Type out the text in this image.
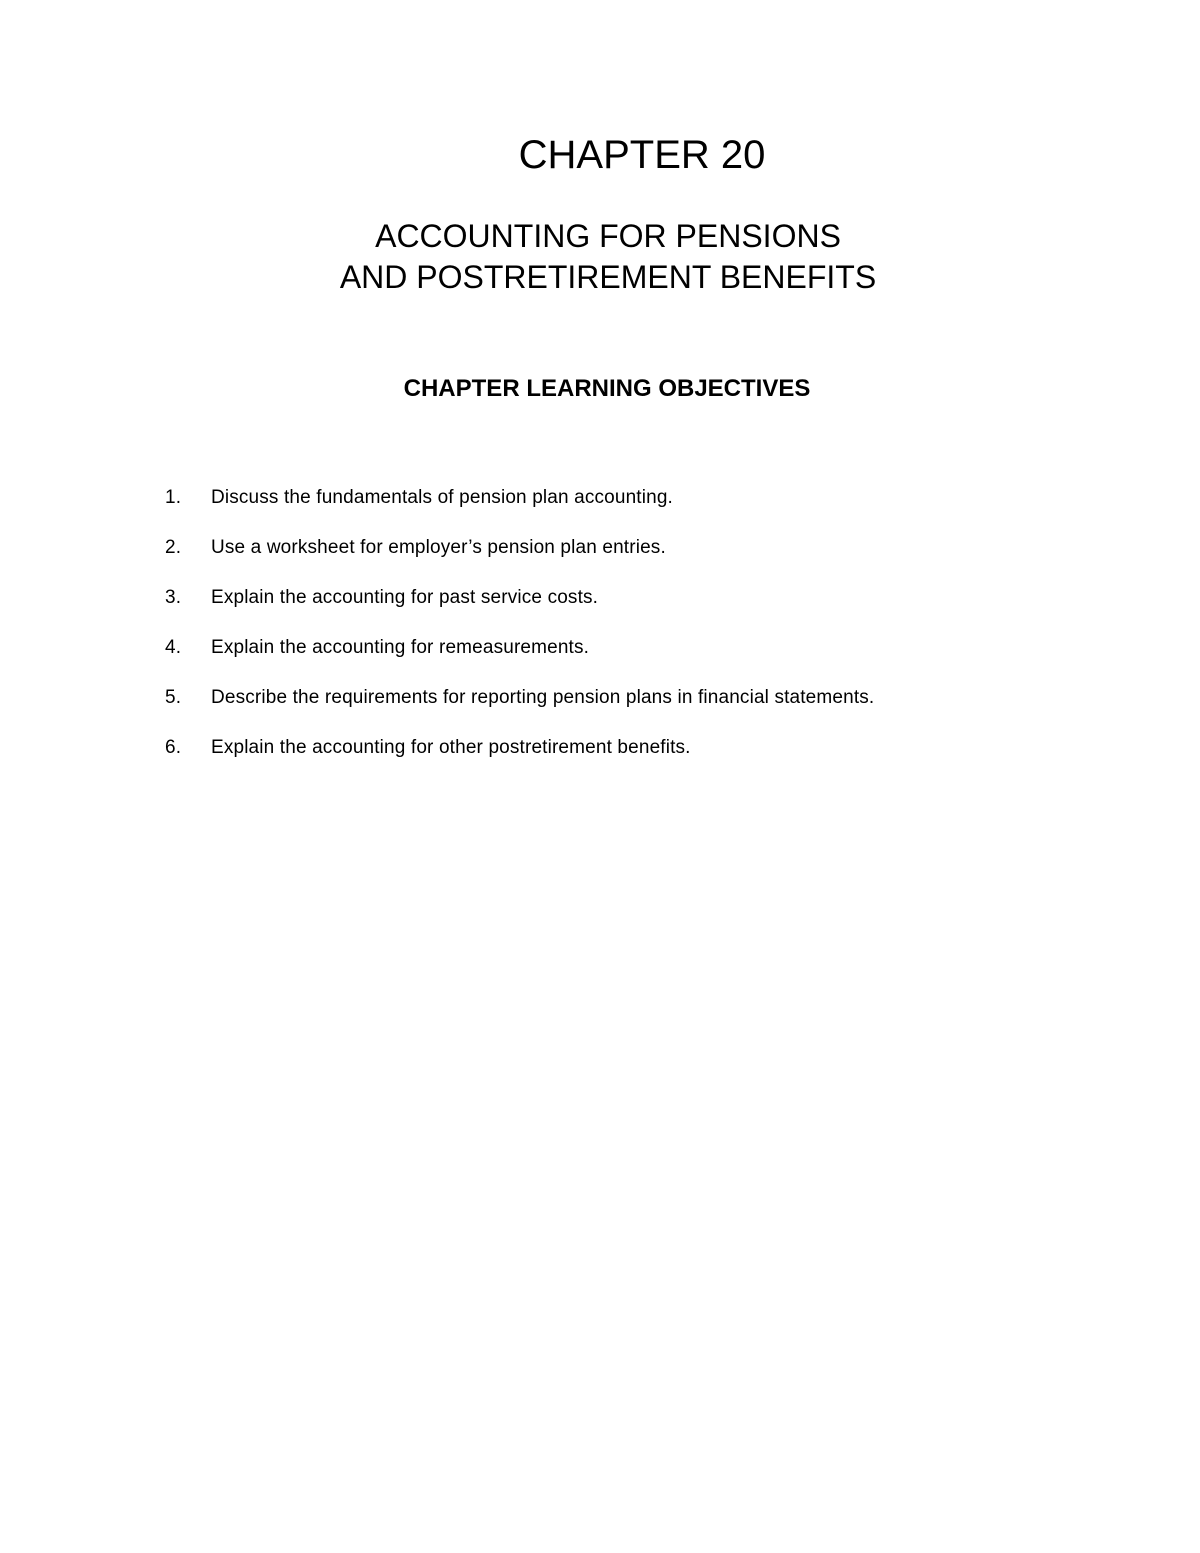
CHAPTER 20
ACCOUNTING FOR PENSIONS
AND POSTRETIREMENT BENEFITS
CHAPTER LEARNING OBJECTIVES
1.	Discuss the fundamentals of pension plan accounting.
2.	Use a worksheet for employer’s pension plan entries.
3.	Explain the accounting for past service costs.
4.	Explain the accounting for remeasurements.
5.	Describe the requirements for reporting pension plans in financial statements.
6.	Explain the accounting for other postretirement benefits.
